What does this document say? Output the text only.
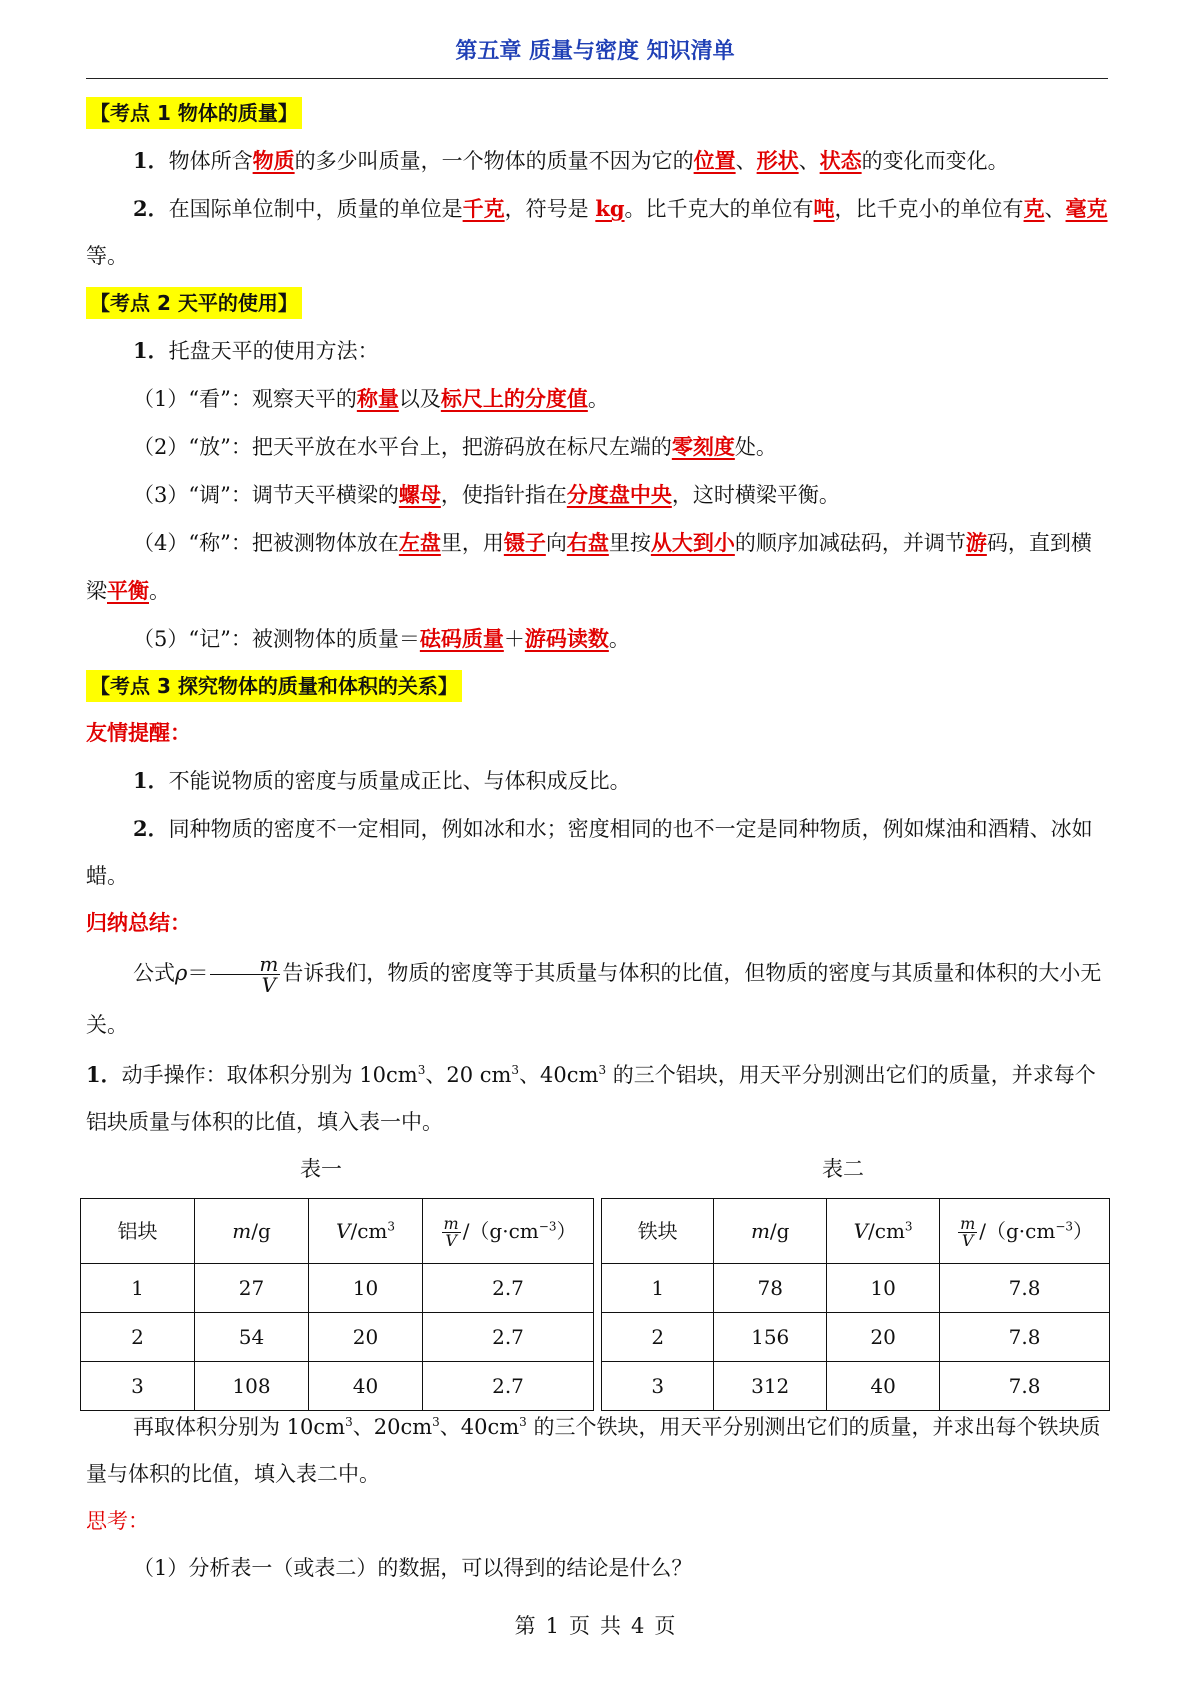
第五章 质量与密度 知识清单
【考点 1 物体的质量】

1．物体所含物质的多少叫质量，一个物体的质量不因为它的位置、形状、状态的变化而变化。

2．在国际单位制中，质量的单位是千克，符号是 kg。比千克大的单位有吨，比千克小的单位有克、毫克等。

【考点 2 天平的使用】

1．托盘天平的使用方法：

（1）“看”：观察天平的称量以及标尺上的分度值。

（2）“放”：把天平放在水平台上，把游码放在标尺左端的零刻度处。

（3）“调”：调节天平横梁的螺母，使指针指在分度盘中央，这时横梁平衡。

（4）“称”：把被测物体放在左盘里，用镊子向右盘里按从大到小的顺序加减砝码，并调节游码，直到横梁平衡。

（5）“记”：被测物体的质量＝砝码质量＋游码读数。

【考点 3 探究物体的质量和体积的关系】

友情提醒：

1．不能说物质的密度与质量成正比、与体积成反比。

2．同种物质的密度不一定相同，例如冰和水；密度相同的也不一定是同种物质，例如煤油和酒精、冰如蜡。

归纳总结：

公式$\rho= \frac{m}{V}$ 告诉我们，物质的密度等于其质量与体积的比值，但物质的密度与其质量和体积的大小无关。

1．动手操作：取体积分别为 $10cm^3$、20 $cm^3$、$40cm^3$ 的三个铝块，用天平分别测出它们的质量，并求每个铝块质量与体积的比值，填入表一中。

表一	表二
铝块	m/g	$V/cm^3$	$\frac{m}{V} /(g\cdot cm^{-3})$
1	27	10	2.7
2	54	20	2.7
3	108	40	2.7
铁块	m/g	$V/cm^3$	$\frac{m}{V} /(g\cdot cm^{-3})$
1	78	10	7.8
2	156	20	7.8
3	312	40	7.8

再取体积分别为 $10cm^3$、$20cm^3$、$40cm^3$ 的三个铁块，用天平分别测出它们的质量，并求出每个铁块质量与体积的比值，填入表二中。

思考：

（1）分析表一（或表二）的数据，可以得到的结论是什么？

第 1 页 共 4 页
